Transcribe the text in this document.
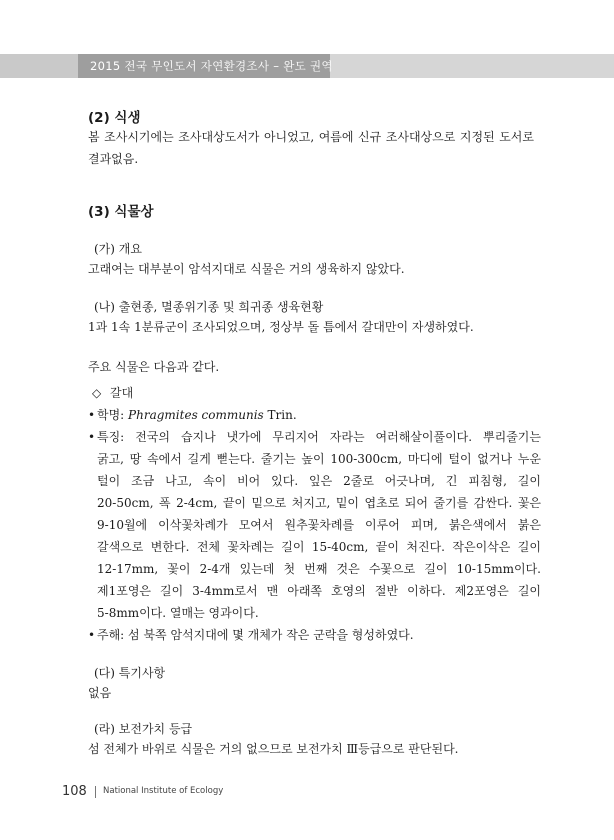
2015 전국 무인도서 자연환경조사 – 완도 권역
(2) 식생
봄 조사시기에는 조사대상도서가 아니었고, 여름에 신규 조사대상으로 지정된 도서로 결과없음.
(3) 식물상
(가) 개요
고래여는 대부분이 암석지대로 식물은 거의 생육하지 않았다.
(나) 출현종, 멸종위기종 및 희귀종 생육현황
1과 1속 1분류군이 조사되었으며, 정상부 돌 틈에서 갈대만이 자생하였다.
주요 식물은 다음과 같다.
◇ 갈대
• 학명: Phragmites communis Trin.
• 특징: 전국의 습지나 냇가에 무리지어 자라는 여러해살이풀이다. 뿌리줄기는
굵고, 땅 속에서 길게 뻗는다. 줄기는 높이 100-300cm, 마디에 털이 없거나 누운
털이 조금 나고, 속이 비어 있다. 잎은 2줄로 어긋나며, 긴 피침형, 길이
20-50cm, 폭 2-4cm, 끝이 밑으로 처지고, 밑이 엽초로 되어 줄기를 감싼다. 꽃은
9-10월에 이삭꽃차례가 모여서 원추꽃차례를 이루어 피며, 붉은색에서 붉은
갈색으로 변한다. 전체 꽃차례는 길이 15-40cm, 끝이 처진다. 작은이삭은 길이
12-17mm, 꽃이 2-4개 있는데 첫 번째 것은 수꽃으로 길이 10-15mm이다.
제1포영은 길이 3-4mm로서 맨 아래쪽 호영의 절반 이하다. 제2포영은 길이
5-8mm이다. 열매는 영과이다.
• 주해: 섬 북쪽 암석지대에 몇 개체가 작은 군락을 형성하였다.
(다) 특기사항
없음
(라) 보전가치 등급
섬 전체가 바위로 식물은 거의 없으므로 보전가치 Ⅲ등급으로 판단된다.
108 National Institute of Ecology
